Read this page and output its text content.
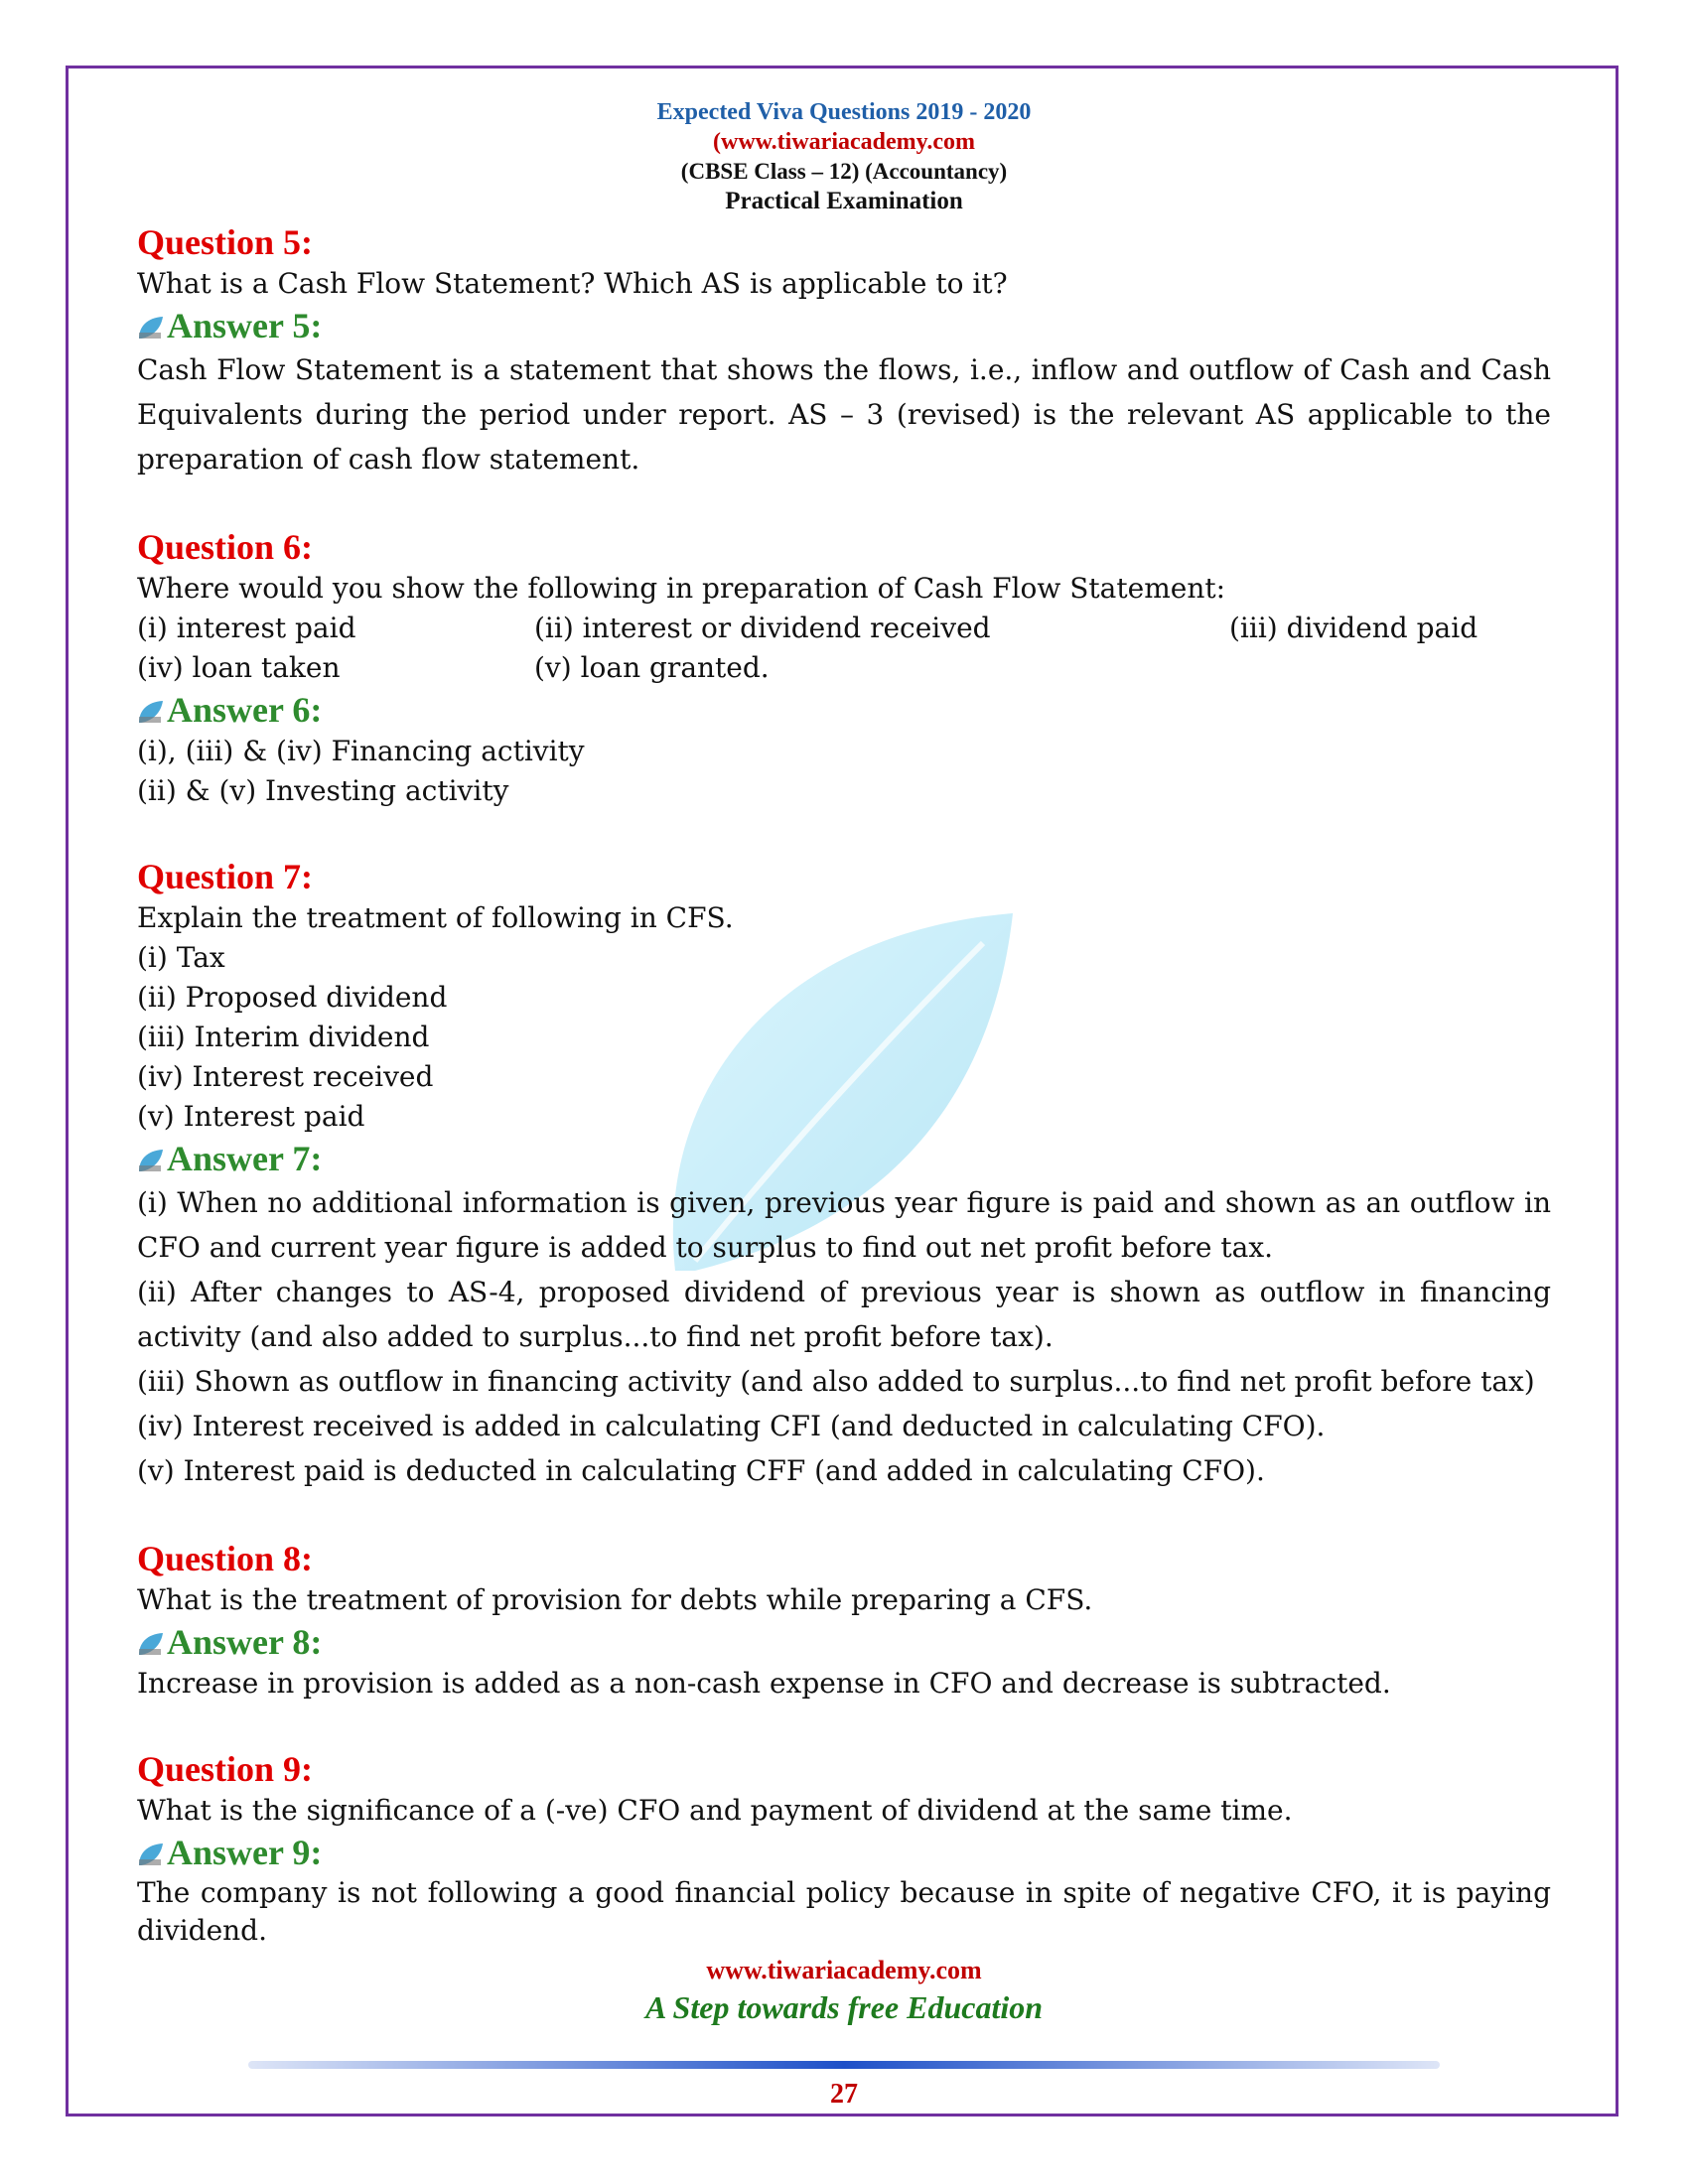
Expected Viva Questions 2019 - 2020
(www.tiwariacademy.com
(CBSE Class – 12) (Accountancy)
Practical Examination
Question 5:
What is a Cash Flow Statement? Which AS is applicable to it?
Answer 5:
Cash Flow Statement is a statement that shows the flows, i.e., inflow and outflow of Cash and Cash Equivalents during the period under report. AS – 3 (revised) is the relevant AS applicable to the preparation of cash flow statement.
Question 6:
Where would you show the following in preparation of Cash Flow Statement:
(i) interest paid	(ii) interest or dividend received	(iii) dividend paid
(iv) loan taken	(v) loan granted.
Answer 6:
(i), (iii) & (iv) Financing activity
(ii) & (v) Investing activity
Question 7:
Explain the treatment of following in CFS.
(i) Tax
(ii) Proposed dividend
(iii) Interim dividend
(iv) Interest received
(v) Interest paid
Answer 7:
(i) When no additional information is given, previous year figure is paid and shown as an outflow in CFO and current year figure is added to surplus to find out net profit before tax.
(ii) After changes to AS-4, proposed dividend of previous year is shown as outflow in financing activity (and also added to surplus...to find net profit before tax).
(iii) Shown as outflow in financing activity (and also added to surplus...to find net profit before tax)
(iv) Interest received is added in calculating CFI (and deducted in calculating CFO).
(v) Interest paid is deducted in calculating CFF (and added in calculating CFO).
Question 8:
What is the treatment of provision for debts while preparing a CFS.
Answer 8:
Increase in provision is added as a non-cash expense in CFO and decrease is subtracted.
Question 9:
What is the significance of a (-ve) CFO and payment of dividend at the same time.
Answer 9:
The company is not following a good financial policy because in spite of negative CFO, it is paying dividend.
www.tiwariacademy.com
A Step towards free Education
27
